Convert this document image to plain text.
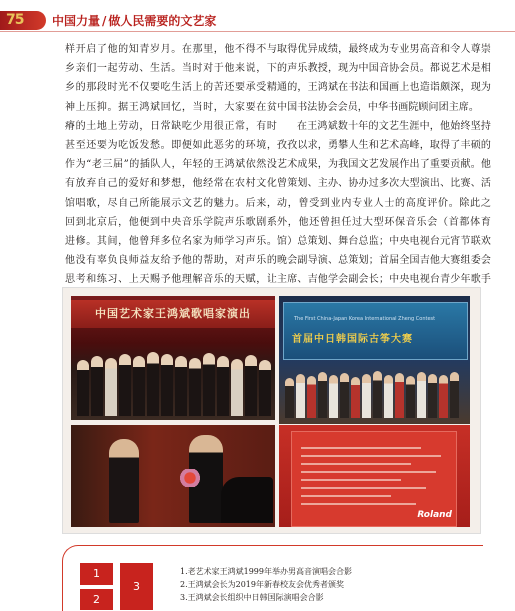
75 中国力量 / 做人民需要的文艺家

样开启了他的知青岁月。在那里，他不得不与乡亲们一起劳动、生活。当时对于他来说，下乡的那段时光不仅要吃生活上的苦还要承受精神上压抑。据王鸿斌回忆，当时，大家要在贫瘠的土地上劳动，日常缺吃少用很正常，有时甚至还要为吃饭发愁。即便如此恶劣的环境，作为“老三届”的插队人，年轻的王鸿斌依然没有放弃自己的爱好和梦想，他经常在农村文化馆唱歌，尽自己所能展示文艺的魅力。后来，回到北京后，他便到中央音乐学院声乐歌剧系进修。其间，他曾拜多位名家为师学习声乐。他没有辜负良师益友给予他的帮助，对声乐的思考和练习、上天赐予他理解音乐的天赋，让

取得优异成绩，最终成为专业男高音和令人尊崇的声乐教授，现为中国音协会员。都说艺术是相通的，王鸿斌在书法和国画上也造诣颇深，现为中国书法协会会员，中华书画院顾问团主席。

在王鸿斌数十年的文艺生涯中，他始终坚持孜孜以求，勇攀人生和艺术高峰，取得了丰硕的艺术成果，为我国文艺发展作出了重要贡献。他曾策划、主办、协办过多次大型演出、比赛、活动，曾受到业内专业人士的高度评价。除此之外，他还曾担任过大型环保音乐会（首都体育馆）总策划、舞台总监；中央电视台元宵节联欢晚会副导演、总策划；首届全国吉他大赛组委会主席、吉他学会副会长；中央电视台青少年歌手

中国艺术家王鸿斌歌唱家演出	The First China-Japan Korea International Zheng Contest
首届中日韩国际古筝大赛
Roland
1
2
3
1.老艺术家王鸿斌1999年举办男高音演唱会合影
2.王鸿斌会长为2019年新春校友会优秀者颁奖
3.王鸿斌会长组织中日韩国际演唱会合影
